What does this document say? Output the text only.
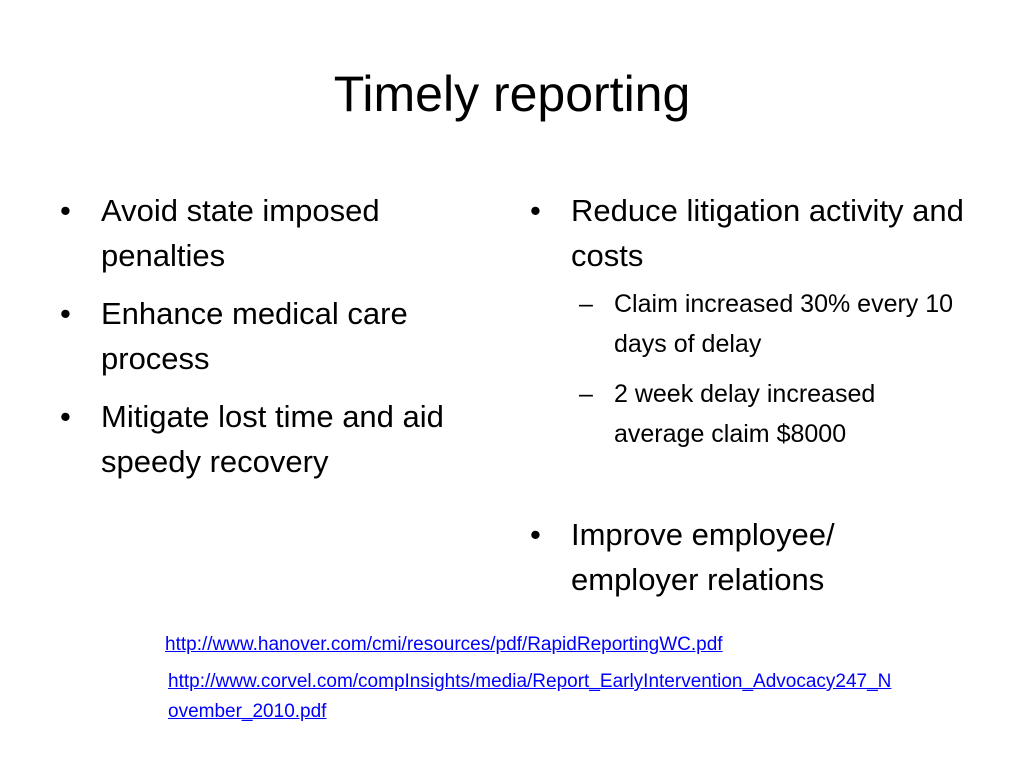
Timely reporting
• Avoid state imposed penalties
• Enhance medical care process
• Mitigate lost time and aid speedy recovery
• Reduce litigation activity and costs
– Claim increased 30% every 10 days of delay
– 2 week delay increased average claim $8000
• Improve employee/ employer relations
http://www.hanover.com/cmi/resources/pdf/RapidReportingWC.pdf
http://www.corvel.com/compInsights/media/Report_EarlyIntervention_Advocacy247_November_2010.pdf
